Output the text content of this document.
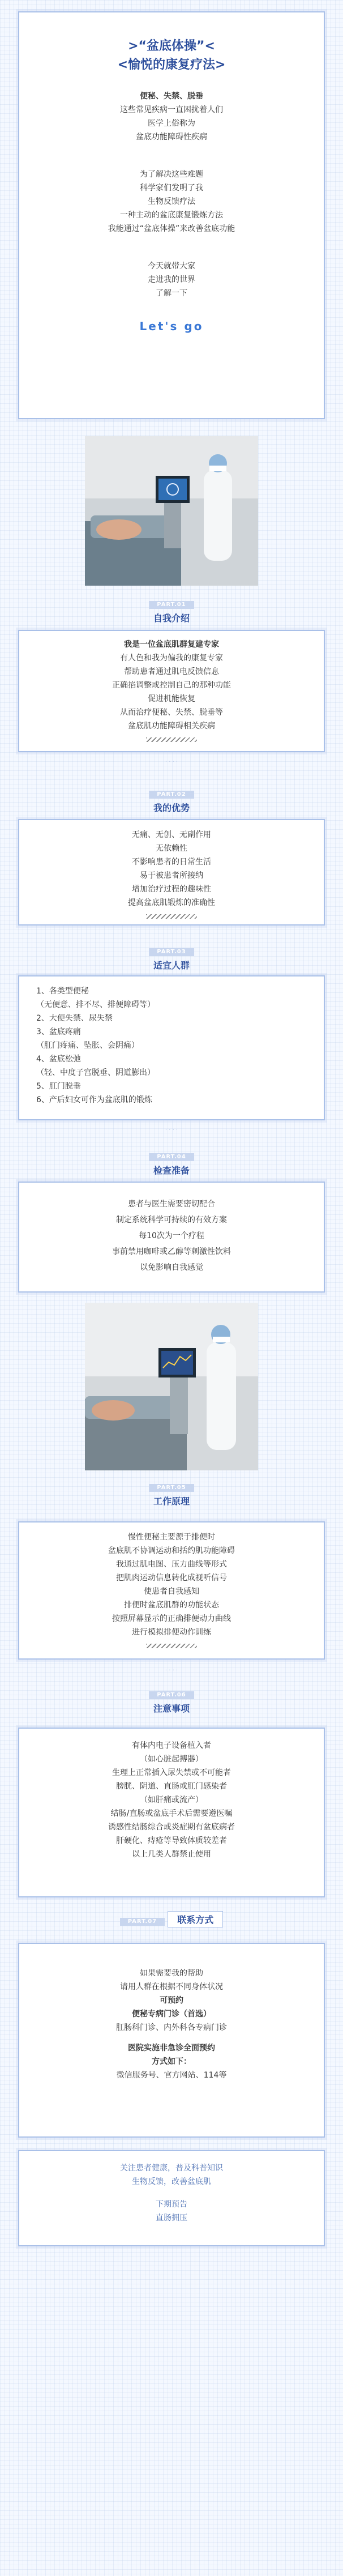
>“盆底体操”<
<愉悦的康复疗法>

便秘、失禁、脱垂

这些常见疾病一直困扰着人们

医学上俗称为

盆底功能障碍性疾病

为了解决这些难题

科学家们发明了我

生物反馈疗法

一种主动的盆底康复锻炼方法

我能通过“盆底体操”来改善盆底功能

今天就带大家

走进我的世界

了解一下

Let's go

PART.01
自我介绍

我是一位盆底肌群复建专家

有人色和我为偏我的康复专家

帮助患者通过肌电反馈信息

正确掐调整或控制自己的那种功能

促进机能恢复

从而治疗便秘、失禁、脱垂等

盆底肌功能障碍相关疾病

· · · ·
PART.02
我的优势

无痛、无创、无副作用

无依赖性

不影响患者的日常生活

易于被患者所接纳

增加治疗过程的趣味性

提高盆底肌锻炼的准确性

PART.03
适宜人群

1、各类型便秘

（无便意、排不尽、排便障碍等）

2、大便失禁、尿失禁

3、盆底疼痛

（肛门疼痛、坠胀、会阴痛）

4、盆底松弛

（轻、中度子宫脱垂、阴道膨出）

5、肛门脱垂

6、产后妇女可作为盆底肌的锻炼

· · · ·
PART.04
检查准备

患者与医生需要密切配合

制定系统科学可持续的有效方案

每10次为一个疗程

事前禁用咖啡或乙醇等刺激性饮料

以免影响自我感觉

PART.05
工作原理

慢性便秘主要源于排便时

盆底肌不协调运动和括约肌功能障碍

我通过肌电图、压力曲线等形式

把肌肉运动信息转化成视听信号

使患者自我感知

排便时盆底肌群的功能状态

按照屏幕显示的正确排便动力曲线

进行模拟排便动作训练

· · · ·
PART.06
注意事项

有体内电子设备植入者

（如心脏起搏器）

生理上正常插入尿失禁或不可能者

膀胱、阴道、直肠或肛门感染者

（如肝痛或流产）

结肠/直肠或盆底手术后需要遵医嘱

诱感性结肠综合或炎症期有盆底病者

肝硬化、痔疮等导致体质较差者

以上几类人群禁止使用

PART.07 联系方式

如果需要我的帮助

请用人群在根据不同身体状况

可预约

便秘专病门诊（首选）

肛肠科门诊、内外科各专病门诊

医院实施非急诊全面预约

方式如下：

微信服务号、官方网站、114等

关注患者健康，普及科普知识

生物反馈，改善盆底肌

下期预告

直肠拥压
